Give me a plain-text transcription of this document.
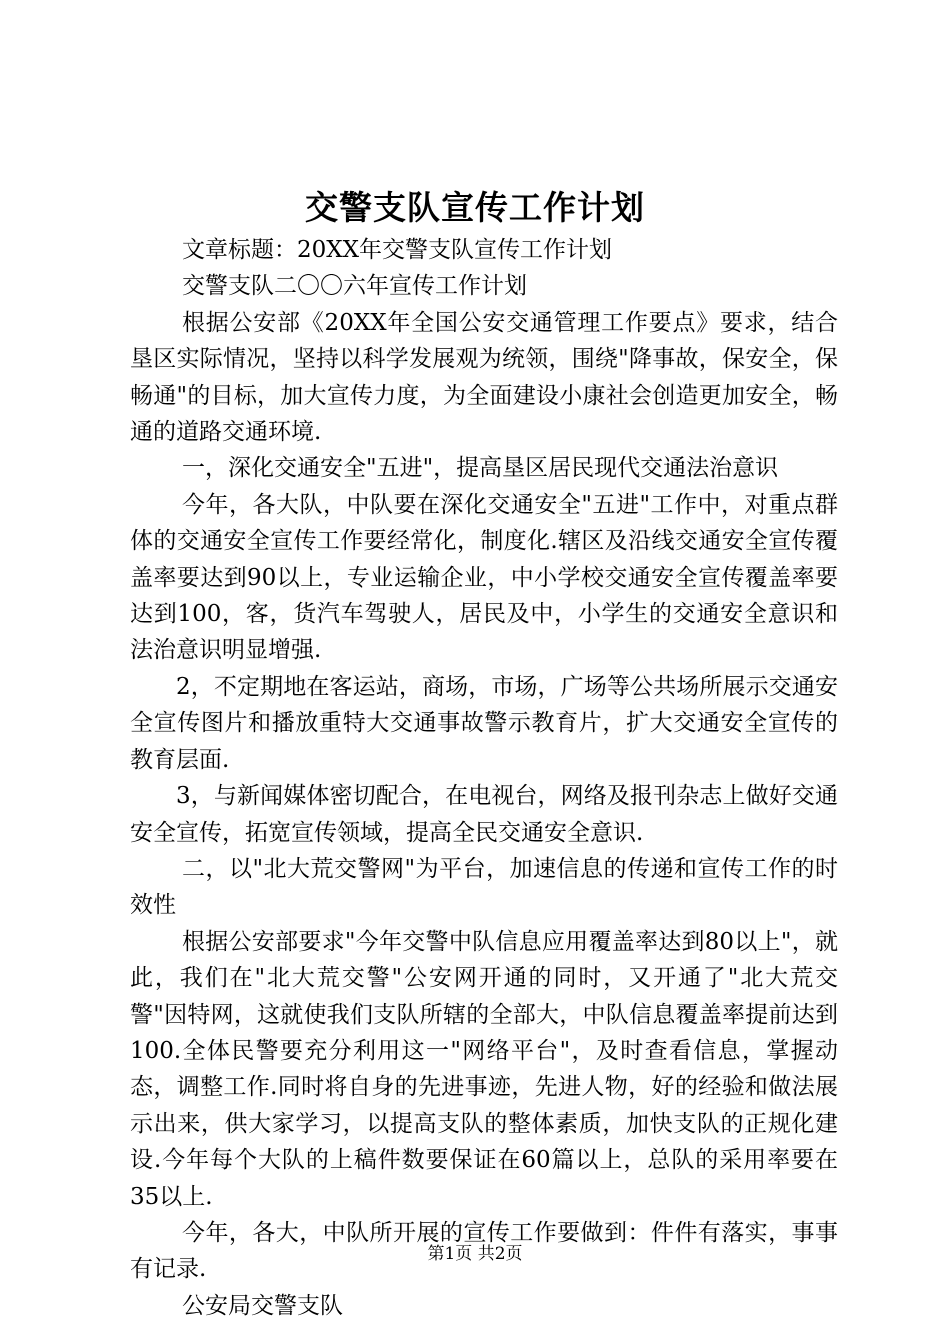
交警支队宣传工作计划

文章标题：20XX年交警支队宣传工作计划

交警支队二〇〇六年宣传工作计划

根据公安部《20XX年全国公安交通管理工作要点》要求，结合垦区实际情况，坚持以科学发展观为统领，围绕"降事故，保安全，保畅通"的目标，加大宣传力度，为全面建设小康社会创造更加安全，畅通的道路交通环境.

一，深化交通安全"五进"，提高垦区居民现代交通法治意识

今年，各大队，中队要在深化交通安全"五进"工作中，对重点群体的交通安全宣传工作要经常化，制度化.辖区及沿线交通安全宣传覆盖率要达到90以上，专业运输企业，中小学校交通安全宣传覆盖率要达到100，客，货汽车驾驶人，居民及中，小学生的交通安全意识和法治意识明显增强.

2，不定期地在客运站，商场，市场，广场等公共场所展示交通安全宣传图片和播放重特大交通事故警示教育片，扩大交通安全宣传的教育层面.

3，与新闻媒体密切配合，在电视台，网络及报刊杂志上做好交通安全宣传，拓宽宣传领域，提高全民交通安全意识.

二，以"北大荒交警网"为平台，加速信息的传递和宣传工作的时效性

根据公安部要求"今年交警中队信息应用覆盖率达到80以上"，就此，我们在"北大荒交警"公安网开通的同时，又开通了"北大荒交警"因特网，这就使我们支队所辖的全部大，中队信息覆盖率提前达到100.全体民警要充分利用这一"网络平台"，及时查看信息，掌握动态，调整工作.同时将自身的先进事迹，先进人物，好的经验和做法展示出来，供大家学习，以提高支队的整体素质，加快支队的正规化建设.今年每个大队的上稿件数要保证在60篇以上，总队的采用率要在35以上.

今年，各大，中队所开展的宣传工作要做到：件件有落实，事事有记录.

公安局交警支队

第1页 共2页
